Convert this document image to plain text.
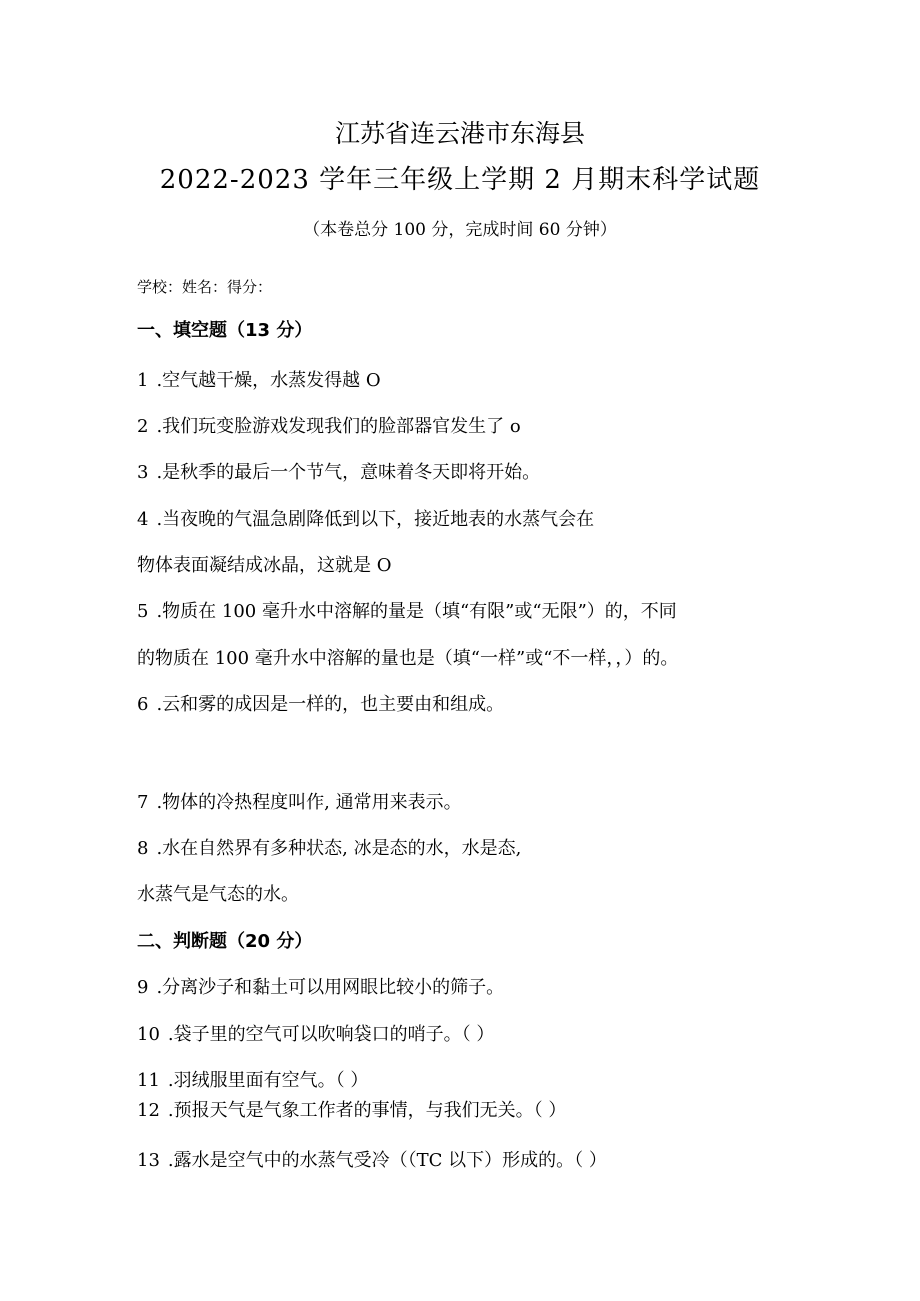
江苏省连云港市东海县
2022-2023 学年三年级上学期 2 月期末科学试题
（本卷总分 100 分，完成时间 60 分钟）
学校：姓名：得分：
一、填空题（13 分）
1 .空气越干燥，水蒸发得越 O
2 .我们玩变脸游戏发现我们的脸部器官发生了 o
3 .是秋季的最后一个节气，意味着冬天即将开始。
4 .当夜晚的气温急剧降低到以下，接近地表的水蒸气会在
物体表面凝结成冰晶，这就是 O
5 .物质在 100 毫升水中溶解的量是（填“有限”或“无限”）的，不同
的物质在 100 毫升水中溶解的量也是（填“一样”或“不一样，，）的。
6 .云和雾的成因是一样的，也主要由和组成。
7 .物体的冷热程度叫作, 通常用来表示。
8 .水在自然界有多种状态, 冰是态的水，水是态,
水蒸气是气态的水。
二、判断题（20 分）
9 .分离沙子和黏土可以用网眼比较小的筛子。
10 .袋子里的空气可以吹响袋口的哨子。（ ）
11 .羽绒服里面有空气。（ ）
12 .预报天气是气象工作者的事情，与我们无关。（ ）
13 .露水是空气中的水蒸气受冷（（TC 以下）形成的。（ ）
